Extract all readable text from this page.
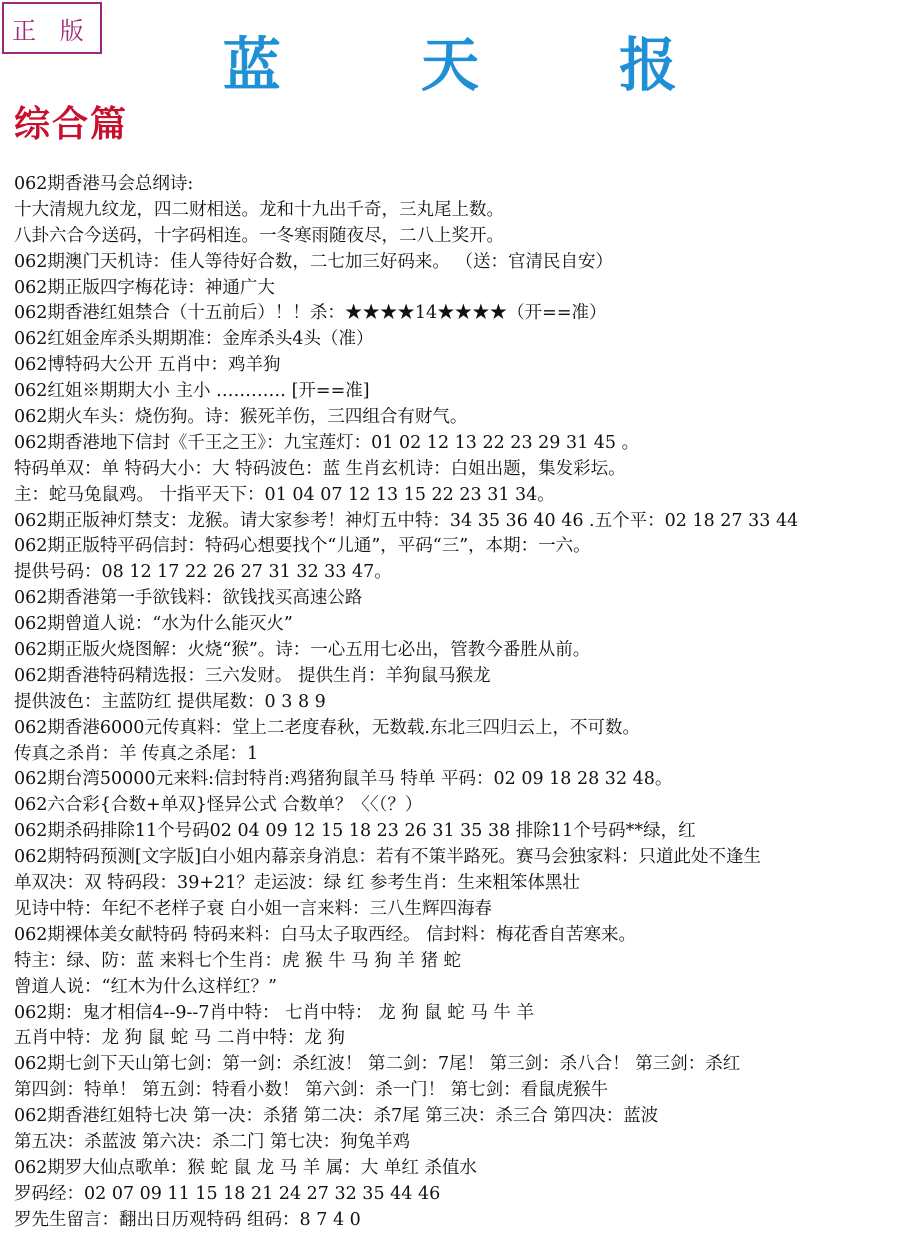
正 版
蓝 天 报
综合篇
062期香港马会总纲诗:
十大清规九纹龙，四二财相送。龙和十九出千奇，三丸尾上数。
八卦六合今送码，十字码相连。一冬寒雨随夜尽，二八上奖开。
062期澳门天机诗：佳人等待好合数，二七加三好码来。 （送：官清民自安）
062期正版四字梅花诗：神通广大
062期香港红姐禁合（十五前后）！！杀：★★★★14★★★★（开==准）
062红姐金库杀头期期准：金库杀头4头（准）
062博特码大公开 五肖中：鸡羊狗
062红姐※期期大小 主小 ………… [开==准]
062期火车头：烧伤狗。诗：猴死羊伤，三四组合有财气。
062期香港地下信封《千王之王》：九宝莲灯：01 02 12 13 22 23 29 31 45 。
特码单双：单 特码大小：大 特码波色：蓝 生肖玄机诗：白姐出题，集发彩坛。
主：蛇马兔鼠鸡。 十指平天下：01 04 07 12 13 15 22 23 31 34。
062期正版神灯禁支：龙猴。请大家参考！神灯五中特：34 35 36 40 46 .五个平：02 18 27 33 44
062期正版特平码信封：特码心想要找个“儿通”，平码“三”，本期：一六。
提供号码：08 12 17 22 26 27 31 32 33 47。
062期香港第一手欲钱料：欲钱找买高速公路
062期曾道人说：“水为什么能灭火”
062期正版火烧图解：火烧“猴”。诗：一心五用七必出，管教今番胜从前。
062期香港特码精选报：三六发财。 提供生肖：羊狗鼠马猴龙
提供波色：主蓝防红 提供尾数：0 3 8 9
062期香港6000元传真料：堂上二老度春秋，无数载.东北三四归云上，不可数。
传真之杀肖：羊 传真之杀尾：1
062期台湾50000元来料:信封特肖:鸡猪狗鼠羊马 特单 平码：02 09 18 28 32 48。
062六合彩{合数+单双}怪异公式 合数单？〈〈（？）
062期杀码排除11个号码02 04 09 12 15 18 23 26 31 35 38 排除11个号码**绿，红
062期特码预测[文字版]白小姐内幕亲身消息：若有不策半路死。赛马会独家料：只道此处不逢生
单双决：双 特码段：39+21？走运波：绿 红 参考生肖：生来粗笨体黑壮
见诗中特：年纪不老样子衰 白小姐一言来料：三八生辉四海春
062期裸体美女献特码 特码来料：白马太子取西经。 信封料：梅花香自苦寒来。
特主：绿、防：蓝 来料七个生肖：虎 猴 牛 马 狗 羊 猪 蛇
曾道人说：“红木为什么这样红？”
062期：鬼才相信4--9--7肖中特： 七肖中特： 龙 狗 鼠 蛇 马 牛 羊
五肖中特：龙 狗 鼠 蛇 马 二肖中特：龙 狗
062期七剑下天山第七剑：第一剑：杀红波！ 第二剑：7尾！ 第三剑：杀八合！ 第三剑：杀红
第四剑：特单！ 第五剑：特看小数！ 第六剑：杀一门！ 第七剑：看鼠虎猴牛
062期香港红姐特七决 第一决：杀猪 第二决：杀7尾 第三决：杀三合 第四决：蓝波
第五决：杀蓝波 第六决：杀二门 第七决：狗兔羊鸡
062期罗大仙点歌单：猴 蛇 鼠 龙 马 羊 属：大 单红 杀值水
罗码经：02 07 09 11 15 18 21 24 27 32 35 44 46
罗先生留言：翻出日历观特码 组码：8 7 4 0
